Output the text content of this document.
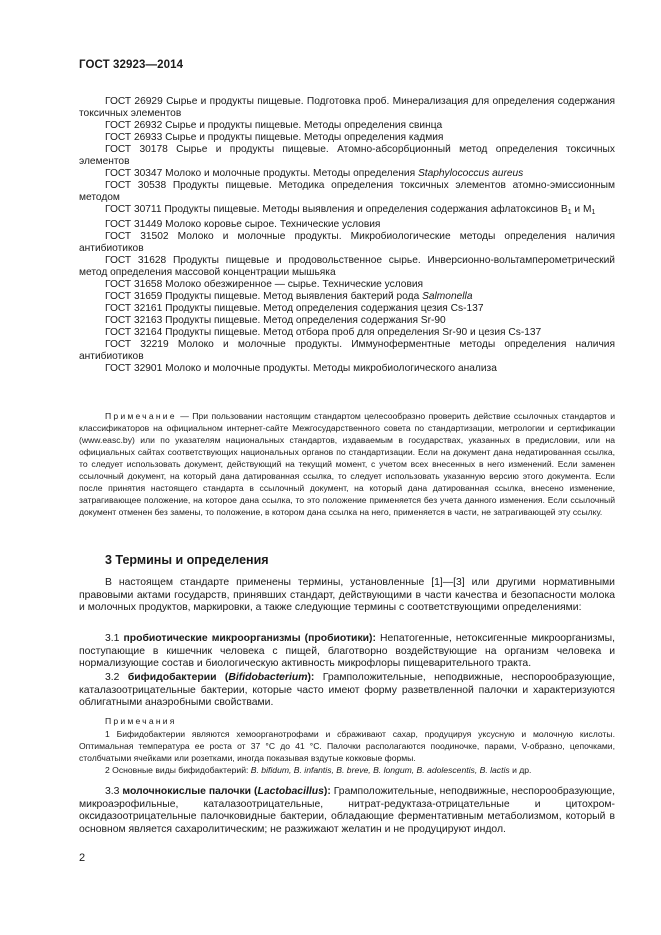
ГОСТ 32923—2014

ГОСТ 26929 Сырье и продукты пищевые. Подготовка проб. Минерализация для определения содержания токсичных элементов

ГОСТ 26932 Сырье и продукты пищевые. Методы определения свинца

ГОСТ 26933 Сырье и продукты пищевые. Методы определения кадмия

ГОСТ 30178 Сырье и продукты пищевые. Атомно-абсорбционный метод определения токсичных элементов

ГОСТ 30347 Молоко и молочные продукты. Методы определения Staphylococcus aureus

ГОСТ 30538 Продукты пищевые. Методика определения токсичных элементов атомно-эмиссионным методом

ГОСТ 30711 Продукты пищевые. Методы выявления и определения содержания афлатоксинов $В_1$ и $М_1$

ГОСТ 31449 Молоко коровье сырое. Технические условия

ГОСТ 31502 Молоко и молочные продукты. Микробиологические методы определения наличия антибиотиков

ГОСТ 31628 Продукты пищевые и продовольственное сырье. Инверсионно-вольтамперометрический метод определения массовой концентрации мышьяка

ГОСТ 31658 Молоко обезжиренное — сырье. Технические условия

ГОСТ 31659 Продукты пищевые. Метод выявления бактерий рода Salmonella

ГОСТ 32161 Продукты пищевые. Метод определения содержания цезия Cs-137

ГОСТ 32163 Продукты пищевые. Метод определения содержания Sr-90

ГОСТ 32164 Продукты пищевые. Метод отбора проб для определения Sr-90 и цезия Cs-137

ГОСТ 32219 Молоко и молочные продукты. Иммуноферментные методы определения наличия антибиотиков

ГОСТ 32901 Молоко и молочные продукты. Методы микробиологического анализа

Примечание — При пользовании настоящим стандартом целесообразно проверить действие ссылочных стандартов и классификаторов на официальном интернет-сайте Межгосударственного совета по стандартизации, метрологии и сертификации (www.easc.by) или по указателям национальных стандартов, издаваемым в государствах, указанных в предисловии, или на официальных сайтах соответствующих национальных органов по стандартизации. Если на документ дана недатированная ссылка, то следует использовать документ, действующий на текущий момент, с учетом всех внесенных в него изменений. Если заменен ссылочный документ, на который дана датированная ссылка, то следует использовать указанную версию этого документа. Если после принятия настоящего стандарта в ссылочный документ, на который дана датированная ссылка, внесено изменение, затрагивающее положение, на которое дана ссылка, то это положение применяется без учета данного изменения. Если ссылочный документ отменен без замены, то положение, в котором дана ссылка на него, применяется в части, не затрагивающей эту ссылку.

3 Термины и определения

В настоящем стандарте применены термины, установленные [1]—[3] или другими нормативными правовыми актами государств, принявших стандарт, действующими в части качества и безопасности молока и молочных продуктов, маркировки, а также следующие термины с соответствующими определениями:

3.1 пробиотические микроорганизмы (пробиотики): Непатогенные, нетоксигенные микроорганизмы, поступающие в кишечник человека с пищей, благотворно воздействующие на организм человека и нормализующие состав и биологическую активность микрофлоры пищеварительного тракта.

3.2 бифидобактерии (Bifidobacterium): Грамположительные, неподвижные, неспорообразующие, каталазоотрицательные бактерии, которые часто имеют форму разветвленной палочки и характеризуются облигатными анаэробными свойствами.

Примечания

1 Бифидобактерии являются хемоорганотрофами и сбраживают сахар, продуцируя уксусную и молочную кислоты. Оптимальная температура ее роста от 37 °С до 41 °С. Палочки располагаются поодиночке, парами, V-образно, цепочками, столбчатыми ячейками или розетками, иногда показывая вздутые кокковые формы.

2 Основные виды бифидобактерий: B. bifidum, B. infantis, B. breve, B. longum, B. adolescentis, B. lactis и др.

3.3 молочнокислые палочки (Lactobacillus): Грамположительные, неподвижные, неспорообразующие, микроаэрофильные, каталазоотрицательные, нитрат-редуктаза-отрицательные и цитохром-оксидазоотрицательные палочковидные бактерии, обладающие ферментативным метаболизмом, который в основном является сахаролитическим; не разжижают желатин и не продуцируют индол.

2
